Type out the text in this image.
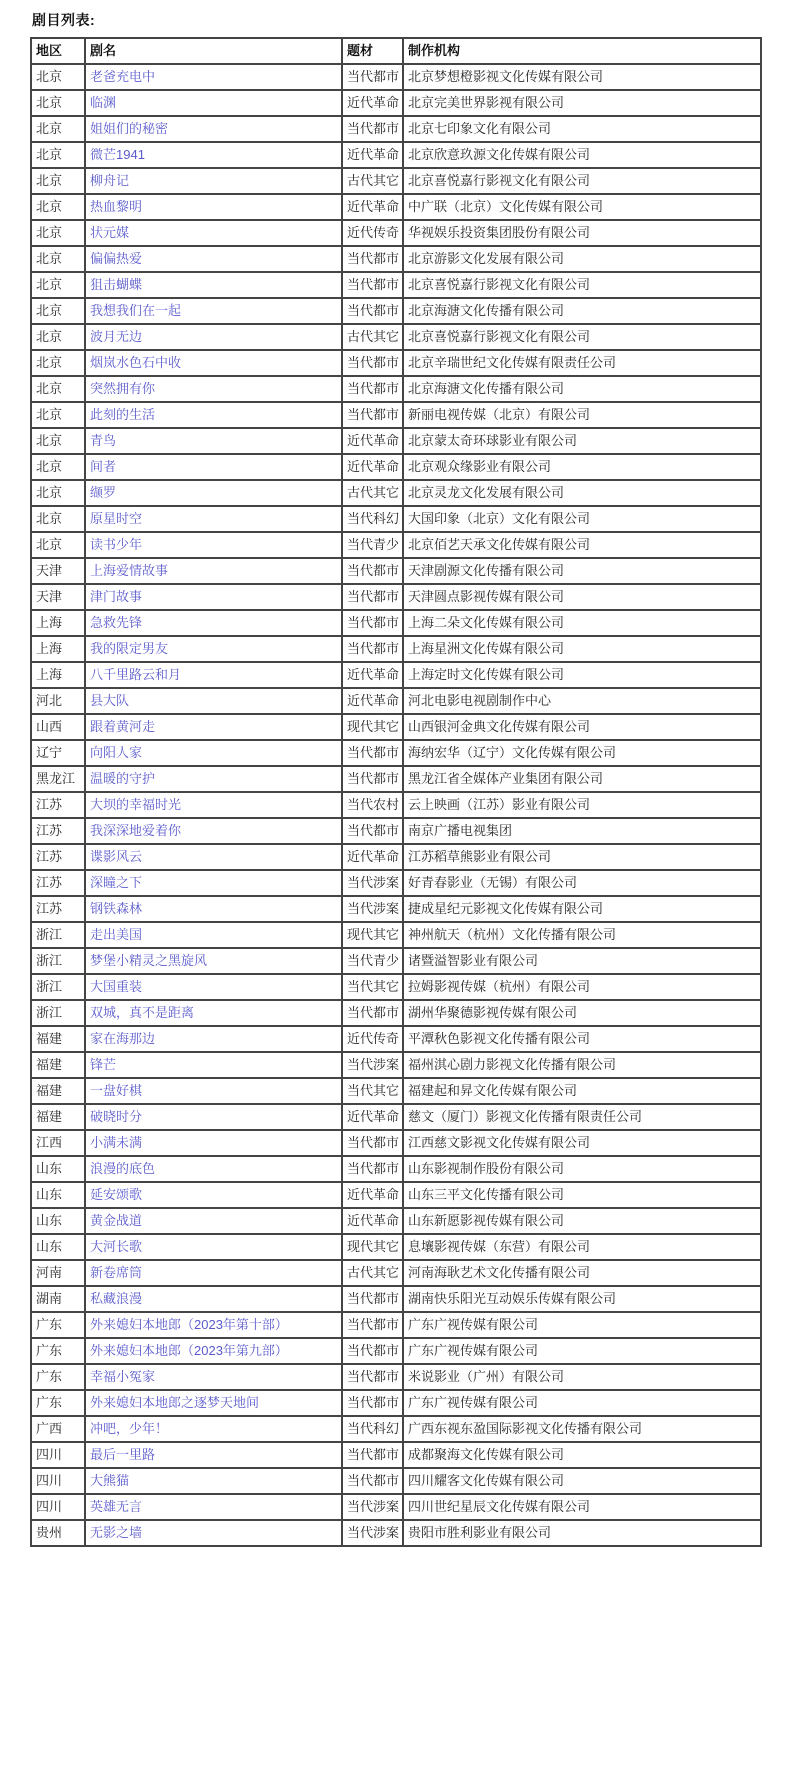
剧目列表:
地区	剧名	题材	制作机构
北京	老爸充电中	当代都市	北京梦想橙影视文化传媒有限公司
北京	临渊	近代革命	北京完美世界影视有限公司
北京	姐姐们的秘密	当代都市	北京七印象文化有限公司
北京	微芒1941	近代革命	北京欣意玖源文化传媒有限公司
北京	柳舟记	古代其它	北京喜悦嘉行影视文化有限公司
北京	热血黎明	近代革命	中广联（北京）文化传媒有限公司
北京	状元媒	近代传奇	华视娱乐投资集团股份有限公司
北京	偏偏热爱	当代都市	北京游影文化发展有限公司
北京	狙击蝴蝶	当代都市	北京喜悦嘉行影视文化有限公司
北京	我想我们在一起	当代都市	北京海溏文化传播有限公司
北京	波月无边	古代其它	北京喜悦嘉行影视文化有限公司
北京	烟岚水色石中收	当代都市	北京辛瑞世纪文化传媒有限责任公司
北京	突然拥有你	当代都市	北京海溏文化传播有限公司
北京	此刻的生活	当代都市	新丽电视传媒（北京）有限公司
北京	青鸟	近代革命	北京蒙太奇环球影业有限公司
北京	间者	近代革命	北京观众缘影业有限公司
北京	缬罗	古代其它	北京灵龙文化发展有限公司
北京	原星时空	当代科幻	大国印象（北京）文化有限公司
北京	读书少年	当代青少	北京佰艺天承文化传媒有限公司
天津	上海爱情故事	当代都市	天津剧源文化传播有限公司
天津	津门故事	当代都市	天津圆点影视传媒有限公司
上海	急救先锋	当代都市	上海二朵文化传媒有限公司
上海	我的限定男友	当代都市	上海星洲文化传媒有限公司
上海	八千里路云和月	近代革命	上海定时文化传媒有限公司
河北	县大队	近代革命	河北电影电视剧制作中心
山西	跟着黄河走	现代其它	山西银河金典文化传媒有限公司
辽宁	向阳人家	当代都市	海纳宏华（辽宁）文化传媒有限公司
黑龙江	温暖的守护	当代都市	黑龙江省全媒体产业集团有限公司
江苏	大坝的幸福时光	当代农村	云上映画（江苏）影业有限公司
江苏	我深深地爱着你	当代都市	南京广播电视集团
江苏	谍影风云	近代革命	江苏稻草熊影业有限公司
江苏	深瞳之下	当代涉案	好青春影业（无锡）有限公司
江苏	钢铁森林	当代涉案	捷成星纪元影视文化传媒有限公司
浙江	走出美国	现代其它	神州航天（杭州）文化传播有限公司
浙江	梦堡小精灵之黑旋风	当代青少	诸暨溢智影业有限公司
浙江	大国重装	当代其它	拉姆影视传媒（杭州）有限公司
浙江	双城，真不是距离	当代都市	湖州华聚德影视传媒有限公司
福建	家在海那边	近代传奇	平潭秋色影视文化传播有限公司
福建	锋芒	当代涉案	福州淇心剧力影视文化传播有限公司
福建	一盘好棋	当代其它	福建起和昇文化传媒有限公司
福建	破晓时分	近代革命	慈文（厦门）影视文化传播有限责任公司
江西	小满未满	当代都市	江西慈文影视文化传媒有限公司
山东	浪漫的底色	当代都市	山东影视制作股份有限公司
山东	延安颂歌	近代革命	山东三平文化传播有限公司
山东	黄金战道	近代革命	山东新愿影视传媒有限公司
山东	大河长歌	现代其它	息壤影视传媒（东营）有限公司
河南	新卷席筒	古代其它	河南海耿艺术文化传播有限公司
湖南	私藏浪漫	当代都市	湖南快乐阳光互动娱乐传媒有限公司
广东	外来媳妇本地郎（2023年第十部）	当代都市	广东广视传媒有限公司
广东	外来媳妇本地郎（2023年第九部）	当代都市	广东广视传媒有限公司
广东	幸福小冤家	当代都市	米说影业（广州）有限公司
广东	外来媳妇本地郎之逐梦天地间	当代都市	广东广视传媒有限公司
广西	冲吧，少年！	当代科幻	广西东视东盈国际影视文化传播有限公司
四川	最后一里路	当代都市	成都聚海文化传媒有限公司
四川	大熊猫	当代都市	四川耀客文化传媒有限公司
四川	英雄无言	当代涉案	四川世纪星辰文化传媒有限公司
贵州	无影之墙	当代涉案	贵阳市胜利影业有限公司
